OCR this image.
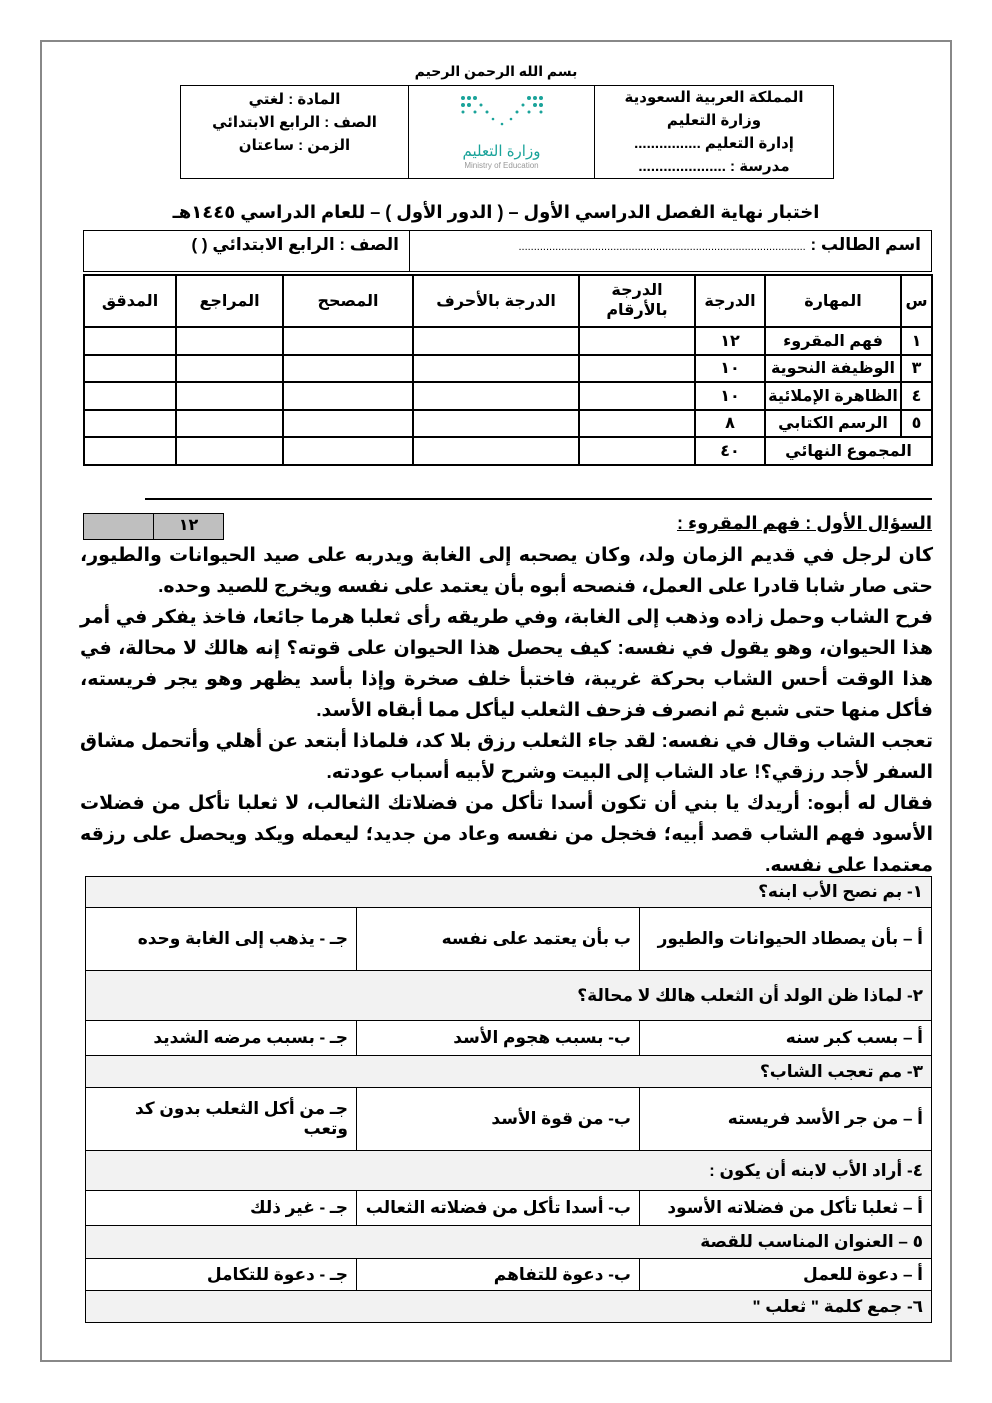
بسم الله الرحمن الرحيم
المملكة العربية السعودية
وزارة التعليم
إدارة التعليم ................
مدرسة : .....................

وزارة التعليم
Ministry of Education

المادة : لغتي
الصف : الرابع الابتدائي
الزمن : ساعتان
اختبار نهاية الفصل الدراسي الأول – ( الدور الأول ) – للعام الدراسي ١٤٤٥هـ
اسم الطالب : ..............................................................................................	الصف : الرابع الابتدائي ( )
س	المهارة	الدرجة	الدرجة بالأرقام	الدرجة بالأحرف	المصحح	المراجع	المدقق
١	فهم المقروء	١٢					
٣	الوظيفة النحوية	١٠					
٤	الظاهرة الإملائية	١٠					
٥	الرسم الكتابي	٨					
المجموع النهائي		٤٠					
١٢	السؤال الأول : فهم المقروء :

كان لرجل في قديم الزمان ولد، وكان يصحبه إلى الغابة ويدربه على صيد الحيوانات والطيور، حتى صار شابا قادرا على العمل، فنصحه أبوه بأن يعتمد على نفسه ويخرج للصيد وحده.

فرح الشاب وحمل زاده وذهب إلى الغابة، وفي طريقه رأى ثعلبا هرما جائعا، فاخذ يفكر في أمر هذا الحيوان، وهو يقول في نفسه: كيف يحصل هذا الحيوان على قوته؟ إنه هالك لا محالة، في هذا الوقت أحس الشاب بحركة غريبة، فاختبأ خلف صخرة وإذا بأسد يظهر وهو يجر فريسته، فأكل منها حتى شبع ثم انصرف فزحف الثعلب ليأكل مما أبقاه الأسد.

تعجب الشاب وقال في نفسه: لقد جاء الثعلب رزق بلا كد، فلماذا أبتعد عن أهلي وأتحمل مشاق السفر لأجد رزقي؟! عاد الشاب إلى البيت وشرح لأبيه أسباب عودته.

فقال له أبوه: أريدك يا بني أن تكون أسدا تأكل من فضلاتك الثعالب، لا ثعلبا تأكل من فضلات الأسود فهم الشاب قصد أبيه؛ فخجل من نفسه وعاد من جديد؛ ليعمله ويكد ويحصل على رزقه معتمدا على نفسه.

١- بم نصح الأب ابنه؟		
أ – بأن يصطاد الحيوانات والطيور	ب بأن يعتمد على نفسه	جـ - يذهب إلى الغابة وحده
٢- لماذا ظن الولد أن الثعلب هالك لا محالة؟		
أ – بسب كبر سنه	ب- بسبب هجوم الأسد	جـ - بسبب مرضه الشديد
٣- مم تعجب الشاب؟		
أ – من جر الأسد فريسته	ب- من قوة الأسد	جـ من أكل الثعلب بدون كد وتعب
٤- أراد الأب لابنه أن يكون :		
أ – ثعلبا تأكل من فضلاته الأسود	ب- أسدا تأكل من فضلاته الثعالب	جـ - غير ذلك
٥ – العنوان المناسب للقصة		
أ – دعوة للعمل	ب- دعوة للتفاهم	جـ - دعوة للتكامل
٦- جمع كلمة " ثعلب "		
